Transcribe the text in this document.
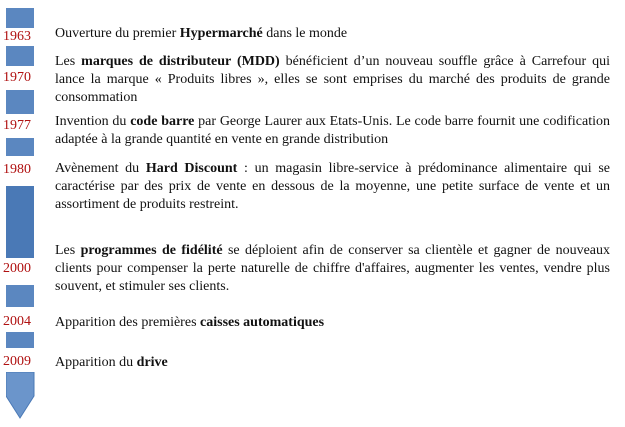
1963
1970
1977
1980
2000
2004
2009
Ouverture du premier Hypermarché dans le monde
Les marques de distributeur (MDD) bénéficient d’un nouveau souffle grâce à Carrefour qui lance la marque « Produits libres », elles se sont emprises du marché des produits de grande consommation
Invention du code barre par George Laurer aux Etats-Unis. Le code barre fournit une codification adaptée à la grande quantité en vente en grande distribution
Avènement du Hard Discount : un magasin libre-service à prédominance alimentaire qui se caractérise par des prix de vente en dessous de la moyenne, une petite surface de vente et un assortiment de produits restreint.
Les programmes de fidélité se déploient afin de conserver sa clientèle et gagner de nouveaux clients pour compenser la perte naturelle de chiffre d'affaires, augmenter les ventes, vendre plus souvent, et stimuler ses clients.
Apparition des premières caisses automatiques
Apparition du drive
